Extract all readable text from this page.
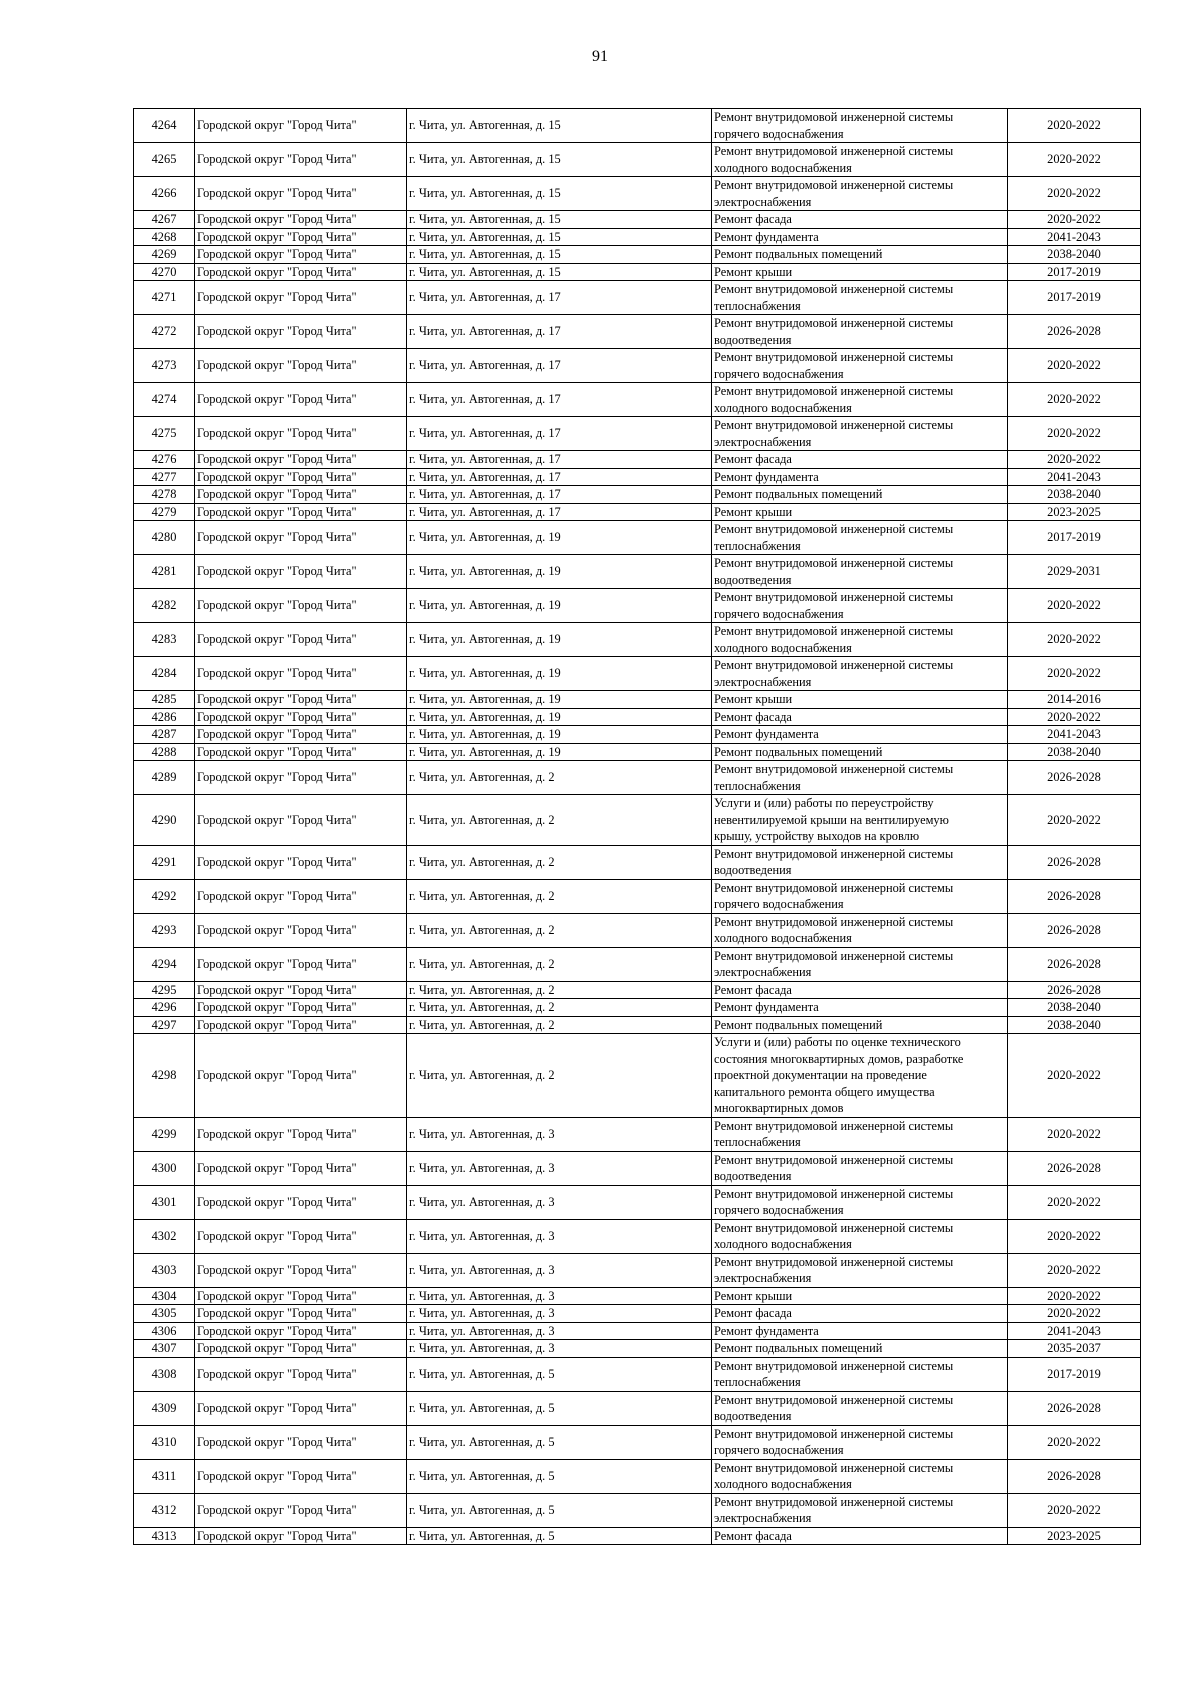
91
4264	Городской округ "Город Чита"	г. Чита, ул. Автогенная, д. 15	Ремонт внутридомовой инженерной системы
горячего водоснабжения	2020-2022
4265	Городской округ "Город Чита"	г. Чита, ул. Автогенная, д. 15	Ремонт внутридомовой инженерной системы
холодного водоснабжения	2020-2022
4266	Городской округ "Город Чита"	г. Чита, ул. Автогенная, д. 15	Ремонт внутридомовой инженерной системы
электроснабжения	2020-2022
4267	Городской округ "Город Чита"	г. Чита, ул. Автогенная, д. 15	Ремонт фасада	2020-2022
4268	Городской округ "Город Чита"	г. Чита, ул. Автогенная, д. 15	Ремонт фундамента	2041-2043
4269	Городской округ "Город Чита"	г. Чита, ул. Автогенная, д. 15	Ремонт подвальных помещений	2038-2040
4270	Городской округ "Город Чита"	г. Чита, ул. Автогенная, д. 15	Ремонт крыши	2017-2019
4271	Городской округ "Город Чита"	г. Чита, ул. Автогенная, д. 17	Ремонт внутридомовой инженерной системы
теплоснабжения	2017-2019
4272	Городской округ "Город Чита"	г. Чита, ул. Автогенная, д. 17	Ремонт внутридомовой инженерной системы
водоотведения	2026-2028
4273	Городской округ "Город Чита"	г. Чита, ул. Автогенная, д. 17	Ремонт внутридомовой инженерной системы
горячего водоснабжения	2020-2022
4274	Городской округ "Город Чита"	г. Чита, ул. Автогенная, д. 17	Ремонт внутридомовой инженерной системы
холодного водоснабжения	2020-2022
4275	Городской округ "Город Чита"	г. Чита, ул. Автогенная, д. 17	Ремонт внутридомовой инженерной системы
электроснабжения	2020-2022
4276	Городской округ "Город Чита"	г. Чита, ул. Автогенная, д. 17	Ремонт фасада	2020-2022
4277	Городской округ "Город Чита"	г. Чита, ул. Автогенная, д. 17	Ремонт фундамента	2041-2043
4278	Городской округ "Город Чита"	г. Чита, ул. Автогенная, д. 17	Ремонт подвальных помещений	2038-2040
4279	Городской округ "Город Чита"	г. Чита, ул. Автогенная, д. 17	Ремонт крыши	2023-2025
4280	Городской округ "Город Чита"	г. Чита, ул. Автогенная, д. 19	Ремонт внутридомовой инженерной системы
теплоснабжения	2017-2019
4281	Городской округ "Город Чита"	г. Чита, ул. Автогенная, д. 19	Ремонт внутридомовой инженерной системы
водоотведения	2029-2031
4282	Городской округ "Город Чита"	г. Чита, ул. Автогенная, д. 19	Ремонт внутридомовой инженерной системы
горячего водоснабжения	2020-2022
4283	Городской округ "Город Чита"	г. Чита, ул. Автогенная, д. 19	Ремонт внутридомовой инженерной системы
холодного водоснабжения	2020-2022
4284	Городской округ "Город Чита"	г. Чита, ул. Автогенная, д. 19	Ремонт внутридомовой инженерной системы
электроснабжения	2020-2022
4285	Городской округ "Город Чита"	г. Чита, ул. Автогенная, д. 19	Ремонт крыши	2014-2016
4286	Городской округ "Город Чита"	г. Чита, ул. Автогенная, д. 19	Ремонт фасада	2020-2022
4287	Городской округ "Город Чита"	г. Чита, ул. Автогенная, д. 19	Ремонт фундамента	2041-2043
4288	Городской округ "Город Чита"	г. Чита, ул. Автогенная, д. 19	Ремонт подвальных помещений	2038-2040
4289	Городской округ "Город Чита"	г. Чита, ул. Автогенная, д. 2	Ремонт внутридомовой инженерной системы
теплоснабжения	2026-2028
4290	Городской округ "Город Чита"	г. Чита, ул. Автогенная, д. 2	Услуги и (или) работы по переустройству
невентилируемой крыши на вентилируемую
крышу, устройству выходов на кровлю	2020-2022
4291	Городской округ "Город Чита"	г. Чита, ул. Автогенная, д. 2	Ремонт внутридомовой инженерной системы
водоотведения	2026-2028
4292	Городской округ "Город Чита"	г. Чита, ул. Автогенная, д. 2	Ремонт внутридомовой инженерной системы
горячего водоснабжения	2026-2028
4293	Городской округ "Город Чита"	г. Чита, ул. Автогенная, д. 2	Ремонт внутридомовой инженерной системы
холодного водоснабжения	2026-2028
4294	Городской округ "Город Чита"	г. Чита, ул. Автогенная, д. 2	Ремонт внутридомовой инженерной системы
электроснабжения	2026-2028
4295	Городской округ "Город Чита"	г. Чита, ул. Автогенная, д. 2	Ремонт фасада	2026-2028
4296	Городской округ "Город Чита"	г. Чита, ул. Автогенная, д. 2	Ремонт фундамента	2038-2040
4297	Городской округ "Город Чита"	г. Чита, ул. Автогенная, д. 2	Ремонт подвальных помещений	2038-2040
4298	Городской округ "Город Чита"	г. Чита, ул. Автогенная, д. 2	Услуги и (или) работы по оценке технического
состояния многоквартирных домов, разработке
проектной документации на проведение
капитального ремонта общего имущества
многоквартирных домов	2020-2022
4299	Городской округ "Город Чита"	г. Чита, ул. Автогенная, д. 3	Ремонт внутридомовой инженерной системы
теплоснабжения	2020-2022
4300	Городской округ "Город Чита"	г. Чита, ул. Автогенная, д. 3	Ремонт внутридомовой инженерной системы
водоотведения	2026-2028
4301	Городской округ "Город Чита"	г. Чита, ул. Автогенная, д. 3	Ремонт внутридомовой инженерной системы
горячего водоснабжения	2020-2022
4302	Городской округ "Город Чита"	г. Чита, ул. Автогенная, д. 3	Ремонт внутридомовой инженерной системы
холодного водоснабжения	2020-2022
4303	Городской округ "Город Чита"	г. Чита, ул. Автогенная, д. 3	Ремонт внутридомовой инженерной системы
электроснабжения	2020-2022
4304	Городской округ "Город Чита"	г. Чита, ул. Автогенная, д. 3	Ремонт крыши	2020-2022
4305	Городской округ "Город Чита"	г. Чита, ул. Автогенная, д. 3	Ремонт фасада	2020-2022
4306	Городской округ "Город Чита"	г. Чита, ул. Автогенная, д. 3	Ремонт фундамента	2041-2043
4307	Городской округ "Город Чита"	г. Чита, ул. Автогенная, д. 3	Ремонт подвальных помещений	2035-2037
4308	Городской округ "Город Чита"	г. Чита, ул. Автогенная, д. 5	Ремонт внутридомовой инженерной системы
теплоснабжения	2017-2019
4309	Городской округ "Город Чита"	г. Чита, ул. Автогенная, д. 5	Ремонт внутридомовой инженерной системы
водоотведения	2026-2028
4310	Городской округ "Город Чита"	г. Чита, ул. Автогенная, д. 5	Ремонт внутридомовой инженерной системы
горячего водоснабжения	2020-2022
4311	Городской округ "Город Чита"	г. Чита, ул. Автогенная, д. 5	Ремонт внутридомовой инженерной системы
холодного водоснабжения	2026-2028
4312	Городской округ "Город Чита"	г. Чита, ул. Автогенная, д. 5	Ремонт внутридомовой инженерной системы
электроснабжения	2020-2022
4313	Городской округ "Город Чита"	г. Чита, ул. Автогенная, д. 5	Ремонт фасада	2023-2025
